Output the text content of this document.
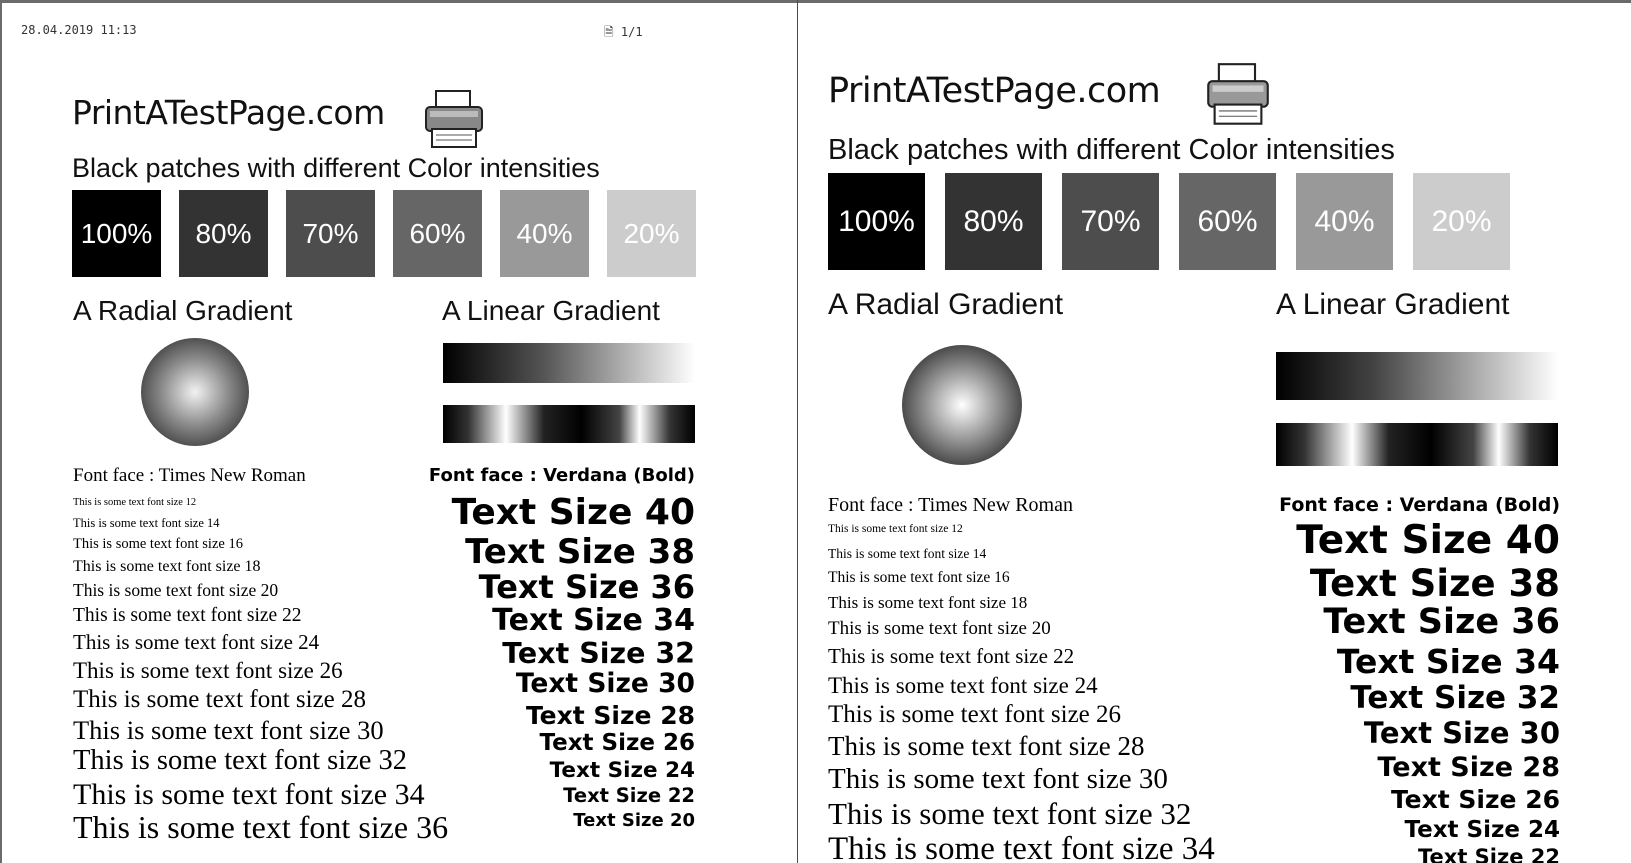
28.04.2019 11:13	🗎 1/1
PrintATestPage.com
Black patches with different Color intensities
100%	80%	70%	60%	40%	20%
A Radial Gradient	A Linear Gradient
Font face : Times New Roman	Font face : Verdana (Bold)
This is some text font size 12
This is some text font size 14
This is some text font size 16
This is some text font size 18
This is some text font size 20
This is some text font size 22
This is some text font size 24
This is some text font size 26
This is some text font size 28
This is some text font size 30
This is some text font size 32
This is some text font size 34
This is some text font size 36
Text Size 40
Text Size 38
Text Size 36
Text Size 34
Text Size 32
Text Size 30
Text Size 28
Text Size 26
Text Size 24
Text Size 22
Text Size 20
PrintATestPage.com
Black patches with different Color intensities
100%	80%	70%	60%	40%	20%
A Radial Gradient	A Linear Gradient
Font face : Times New Roman	Font face : Verdana (Bold)
This is some text font size 12
This is some text font size 14
This is some text font size 16
This is some text font size 18
This is some text font size 20
This is some text font size 22
This is some text font size 24
This is some text font size 26
This is some text font size 28
This is some text font size 30
This is some text font size 32
This is some text font size 34
Text Size 40
Text Size 38
Text Size 36
Text Size 34
Text Size 32
Text Size 30
Text Size 28
Text Size 26
Text Size 24
Text Size 22
